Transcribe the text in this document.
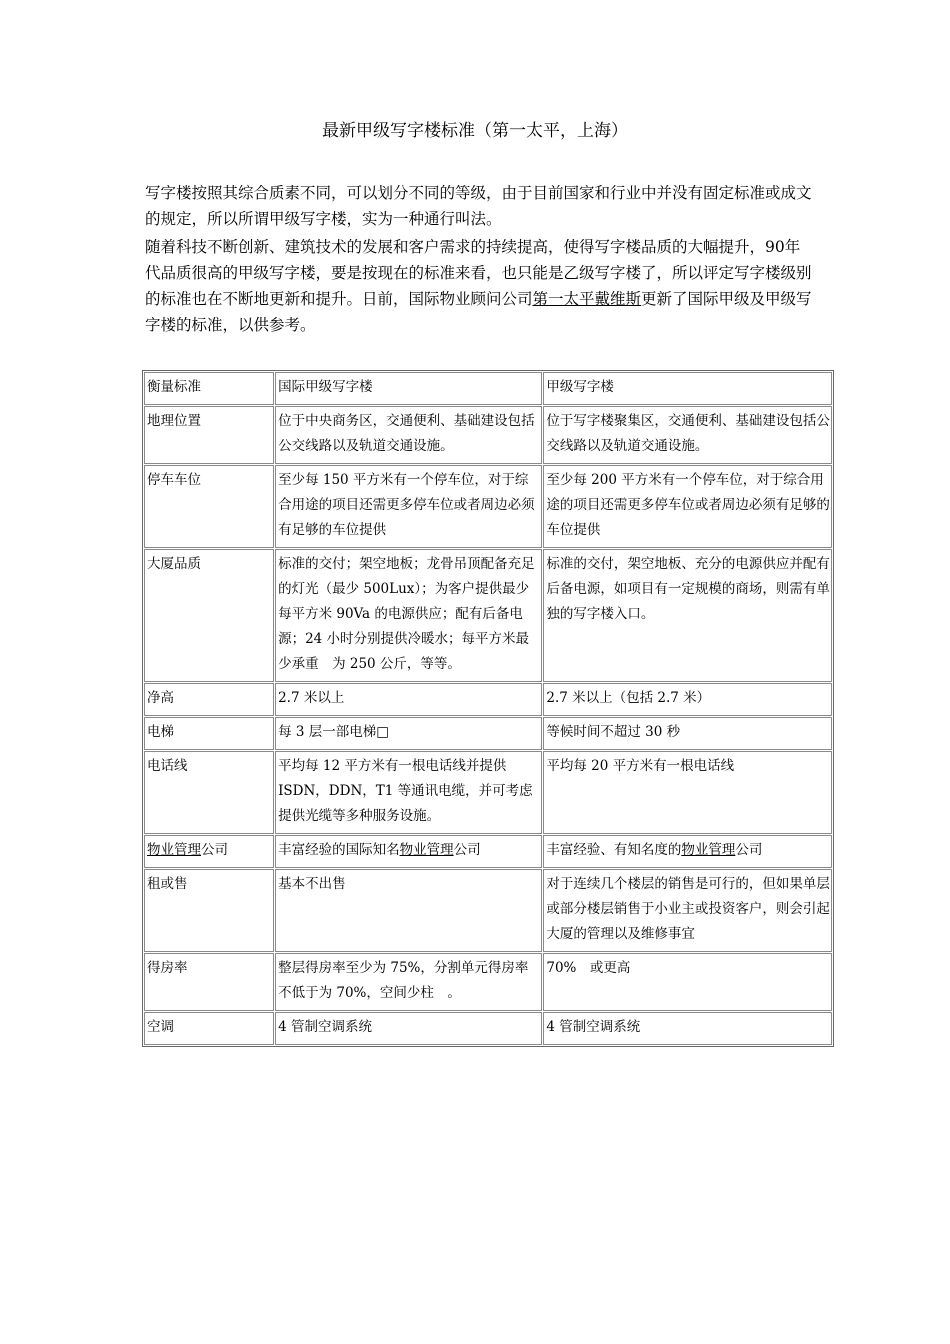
最新甲级写字楼标准（第一太平，上海）

写字楼按照其综合质素不同，可以划分不同的等级，由于目前国家和行业中并没有固定标准或成文的规定，所以所谓甲级写字楼，实为一种通行叫法。

随着科技不断创新、建筑技术的发展和客户需求的持续提高，使得写字楼品质的大幅提升，90年代品质很高的甲级写字楼，要是按现在的标准来看，也只能是乙级写字楼了，所以评定写字楼级别的标准也在不断地更新和提升。日前，国际物业顾问公司第一太平戴维斯更新了国际甲级及甲级写字楼的标准，以供参考。

衡量标准	国际甲级写字楼	甲级写字楼
地理位置	位于中央商务区，交通便利、基础建设包括公交线路以及轨道交通设施。	位于写字楼聚集区，交通便利、基础建设包括公交线路以及轨道交通设施。
停车车位	至少每 150 平方米有一个停车位，对于综合用途的项目还需更多停车位或者周边必须有足够的车位提供	至少每 200 平方米有一个停车位，对于综合用途的项目还需更多停车位或者周边必须有足够的车位提供
大厦品质	标准的交付；架空地板；龙骨吊顶配备充足的灯光（最少 500Lux）；为客户提供最少每平方米 90Va 的电源供应；配有后备电源；24 小时分别提供冷暖水；每平方米最少承重　为 250 公斤，等等。	标准的交付，架空地板、充分的电源供应并配有后备电源，如项目有一定规模的商场，则需有单独的写字楼入口。
净高	2.7 米以上	2.7 米以上（包括 2.7 米）
电梯	每 3 层一部电梯□	等候时间不超过 30 秒
电话线	平均每 12 平方米有一根电话线并提供ISDN，DDN，T1 等通讯电缆，并可考虑提供光缆等多种服务设施。	平均每 20 平方米有一根电话线
物业管理公司	丰富经验的国际知名物业管理公司	丰富经验、有知名度的物业管理公司
租或售	基本不出售	对于连续几个楼层的销售是可行的，但如果单层或部分楼层销售于小业主或投资客户，则会引起大厦的管理以及维修事宜
得房率	整层得房率至少为 75%，分割单元得房率不低于为 70%，空间少柱　。	70%　或更高
空调	4 管制空调系统	4 管制空调系统
